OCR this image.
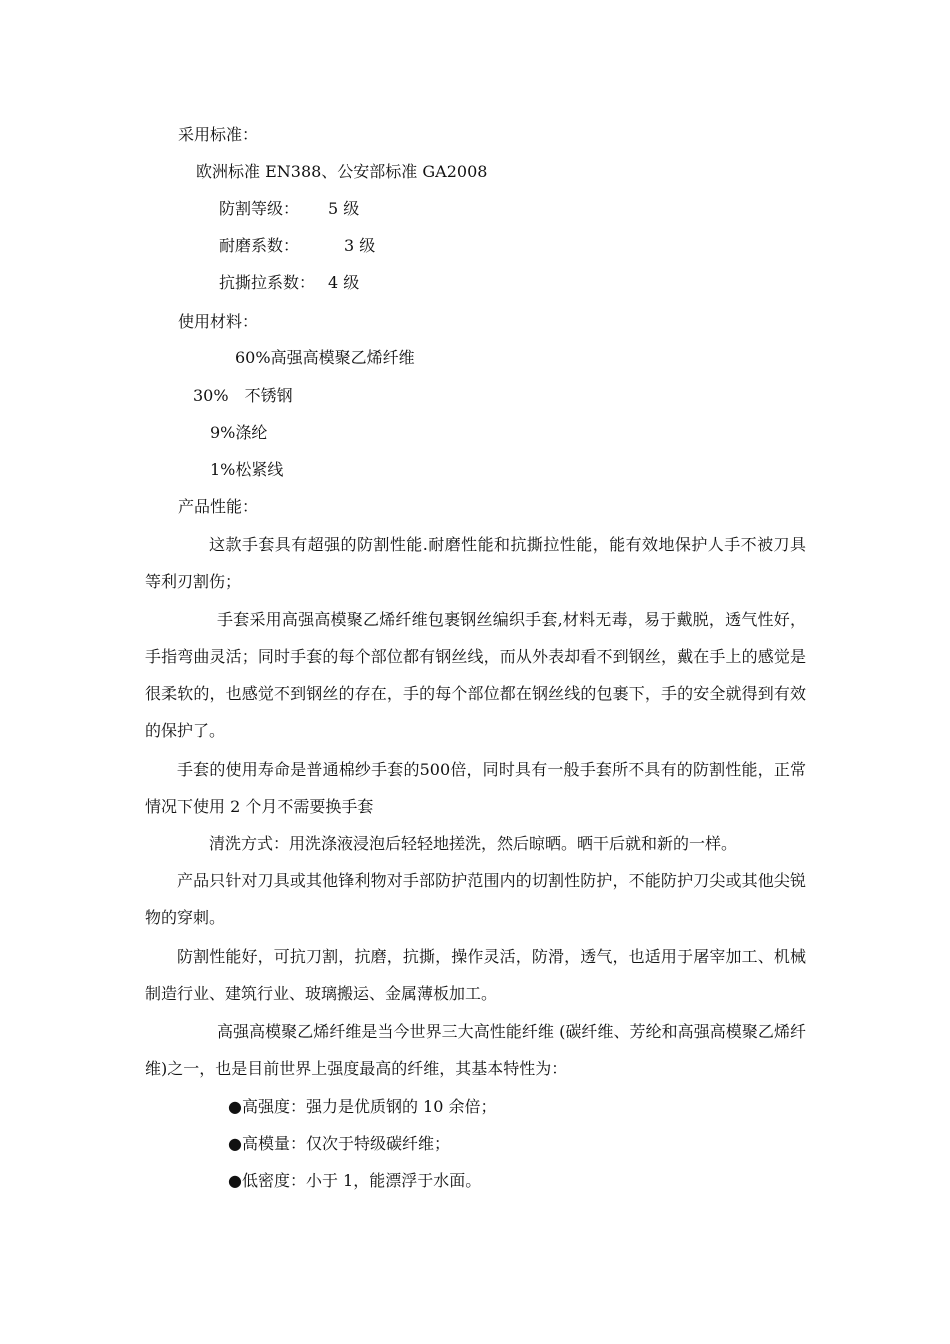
采用标准：
欧洲标准 EN388、公安部标准 GA2008
防割等级： 5 级
耐磨系数：	3 级
抗撕拉系数： 4 级
使用材料：
60%高强高模聚乙烯纤维
30%　不锈钢
9%涤纶
1%松紧线
产品性能：
这款手套具有超强的防割性能.耐磨性能和抗撕拉性能，能有效地保护人手不被刀具等利刃割伤；
手套采用高强高模聚乙烯纤维包裹钢丝编织手套,材料无毒，易于戴脱，透气性好，手指弯曲灵活；同时手套的每个部位都有钢丝线，而从外表却看不到钢丝，戴在手上的感觉是很柔软的，也感觉不到钢丝的存在，手的每个部位都在钢丝线的包裹下，手的安全就得到有效的保护了。
手套的使用寿命是普通棉纱手套的500倍，同时具有一般手套所不具有的防割性能，正常情况下使用 2 个月不需要换手套
清洗方式：用洗涤液浸泡后轻轻地搓洗，然后晾晒。晒干后就和新的一样。
产品只针对刀具或其他锋利物对手部防护范围内的切割性防护，不能防护刀尖或其他尖锐物的穿刺。
防割性能好，可抗刀割，抗磨，抗撕，操作灵活，防滑，透气，也适用于屠宰加工、机械制造行业、建筑行业、玻璃搬运、金属薄板加工。
高强高模聚乙烯纤维是当今世界三大高性能纤维 (碳纤维、芳纶和高强高模聚乙烯纤维)之一，也是目前世界上强度最高的纤维，其基本特性为：
●高强度：强力是优质钢的 10 余倍；
●高模量：仅次于特级碳纤维；
●低密度：小于 1，能漂浮于水面。
